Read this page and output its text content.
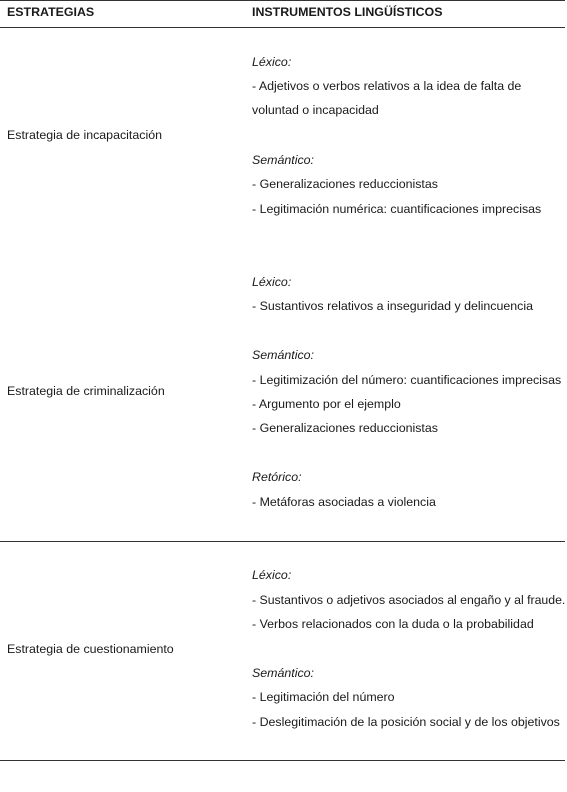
ESTRATEGIAS	INSTRUMENTOS LINGÜÍSTICOS
Estrategia de incapacitación
Léxico:
- Adjetivos o verbos relativos a la idea de falta de
voluntad o incapacidad
Semántico:
- Generalizaciones reduccionistas
- Legitimación numérica: cuantificaciones imprecisas
Estrategia de criminalización
Léxico:
- Sustantivos relativos a inseguridad y delincuencia
Semántico:
- Legitimización del número: cuantificaciones imprecisas
- Argumento por el ejemplo
- Generalizaciones reduccionistas
Retórico:
- Metáforas asociadas a violencia
Estrategia de cuestionamiento
Léxico:
- Sustantivos o adjetivos asociados al engaño y al fraude.
- Verbos relacionados con la duda o la probabilidad
Semántico:
- Legitimación del número
- Deslegitimación de la posición social y de los objetivos
